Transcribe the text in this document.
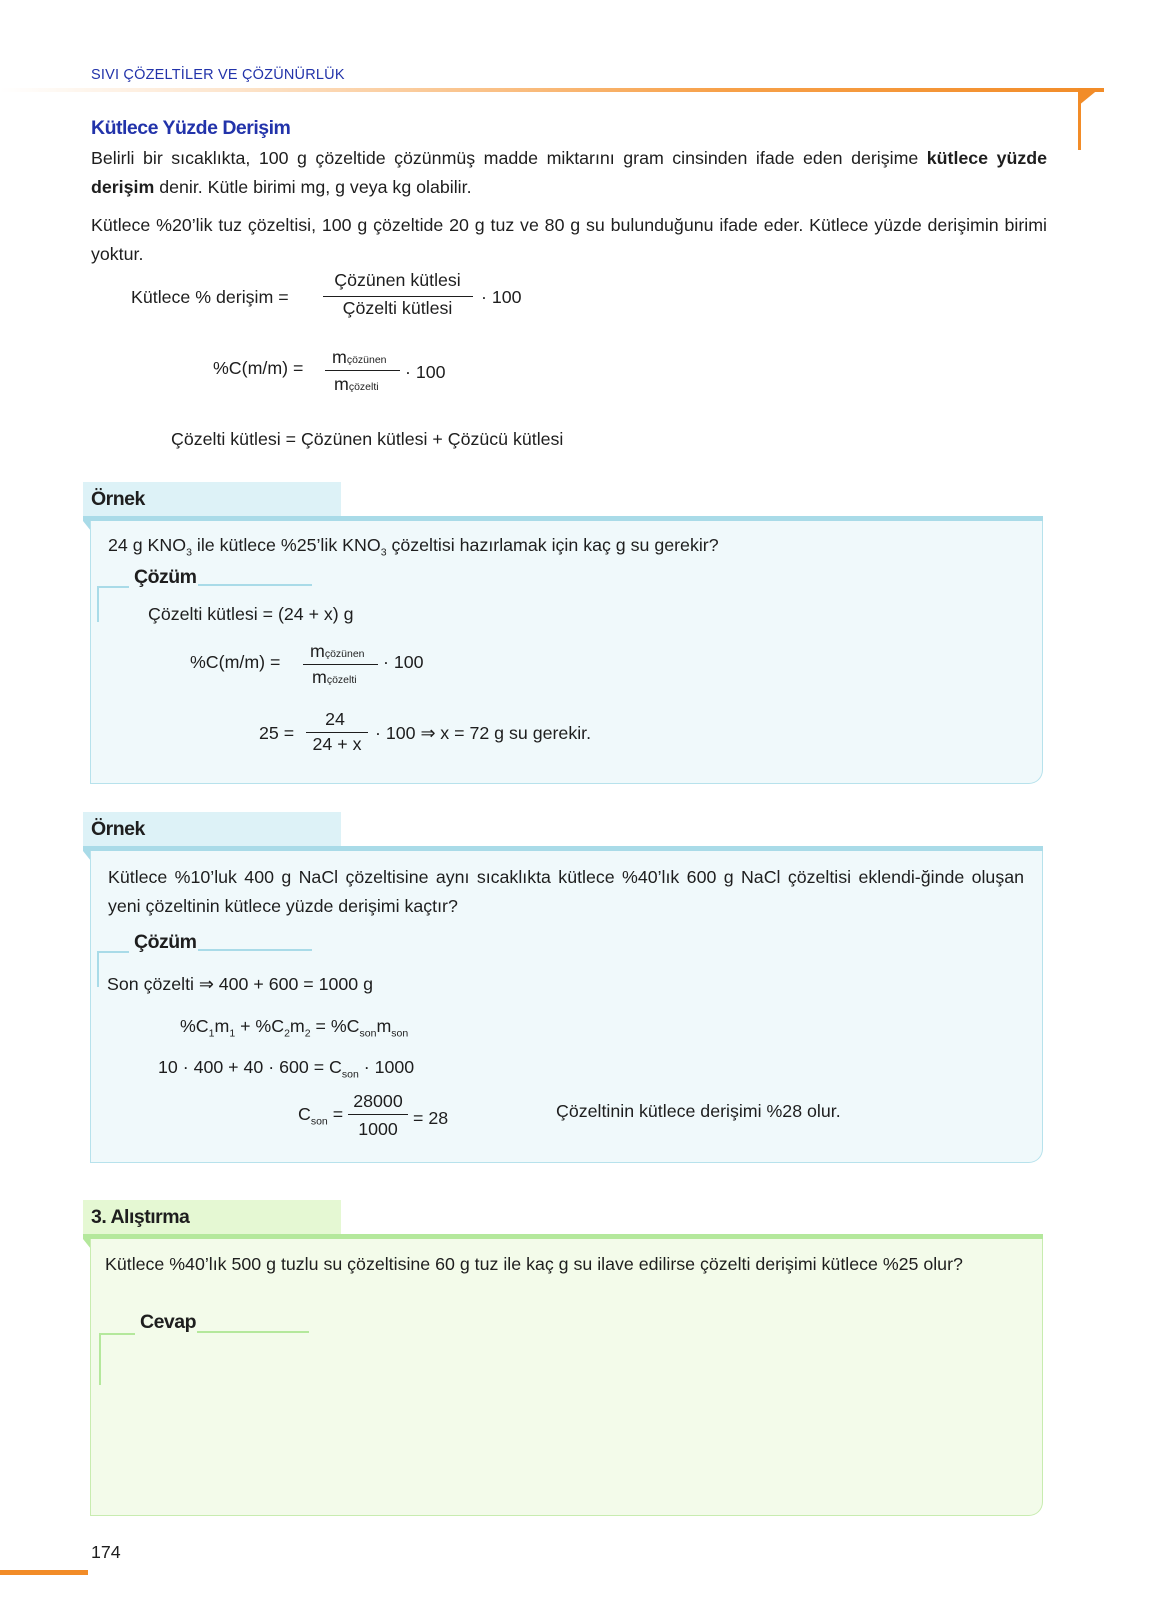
SIVI ÇÖZELTİLER VE ÇÖZÜNÜRLÜK
Kütlece Yüzde Derişim
Belirli bir sıcaklıkta, 100 g çözeltide çözünmüş madde miktarını gram cinsinden ifade eden derişime kütlece yüzde derişim denir. Kütle birimi mg, g veya kg olabilir.
Kütlece %20’lik tuz çözeltisi, 100 g çözeltide 20 g tuz ve 80 g su bulunduğunu ifade eder. Kütlece yüzde derişimin birimi yoktur.
Kütlece % derişim =
Çözünen kütlesi
Çözelti kütlesi
· 100
%C(m/m) =
mçözünen
mçözelti
· 100
Çözelti kütlesi = Çözünen kütlesi + Çözücü kütlesi
Örnek
24 g $KNO_3$ ile kütlece %25’lik $KNO_3$ çözeltisi hazırlamak için kaç g su gerekir?
Çözüm
Çözelti kütlesi = (24 + x) g
%C(m/m) =
mçözünen
mçözelti
· 100
25 =
24
24 + x
· 100 ⇒ x = 72 g su gerekir.
Örnek
Kütlece %10’luk 400 g NaCl çözeltisine aynı sıcaklıkta kütlece %40’lık 600 g NaCl çözeltisi eklendi-ğinde oluşan yeni çözeltinin kütlece yüzde derişimi kaçtır?
Çözüm
Son çözelti ⇒ 400 + 600 = 1000 g
$\%C_1m_1 + \%C_2m_2 = \%C_{son}m_{son}$
$10 \cdot 400 + 40 \cdot 600 = C_{son} \cdot 1000$
$C_{son}$ =
28000
1000
= 28	Çözeltinin kütlece derişimi %28 olur.
3. Alıştırma
Kütlece %40’lık 500 g tuzlu su çözeltisine 60 g tuz ile kaç g su ilave edilirse çözelti derişimi kütlece %25 olur?
Cevap
174
